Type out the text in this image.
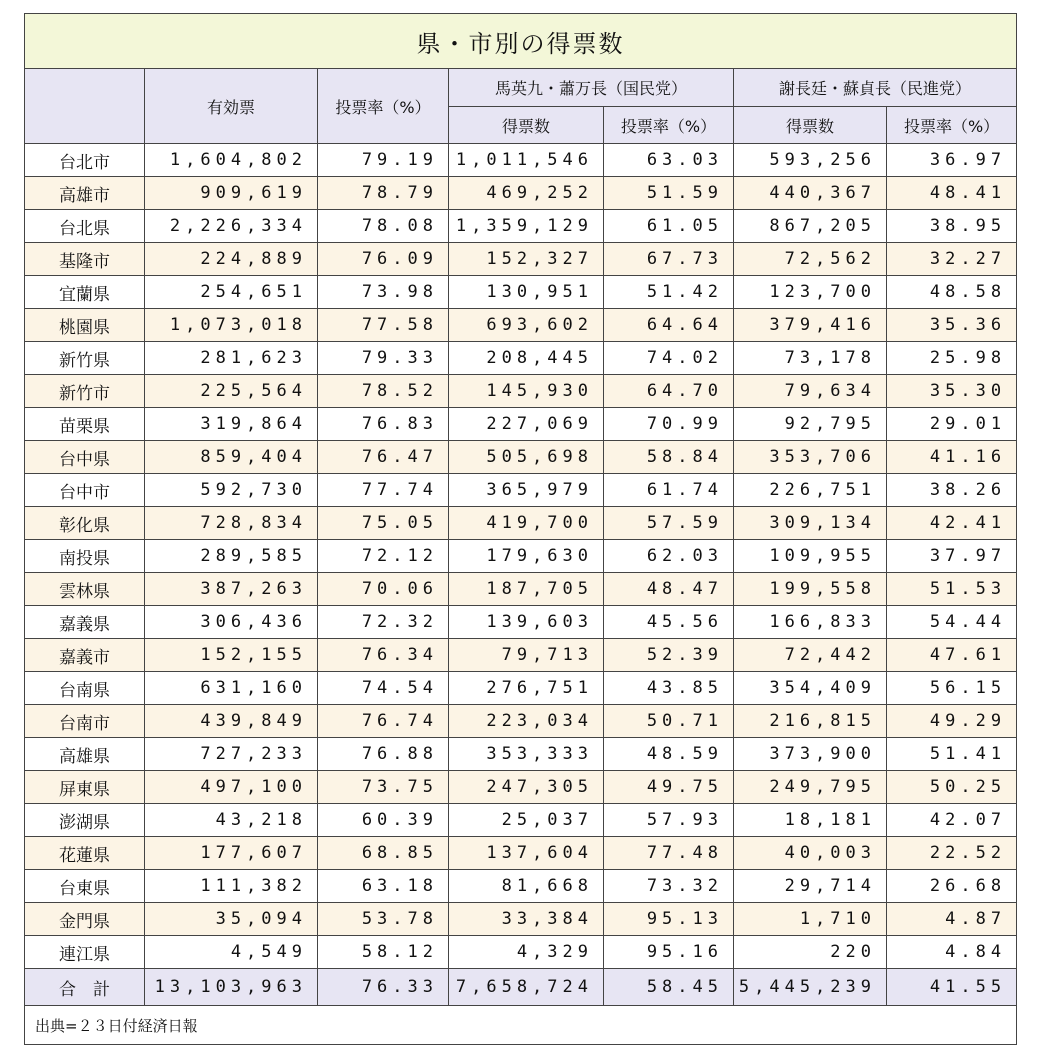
県・市別の得票数						
	有効票	投票率（%）	馬英九・蕭万長（国民党）		謝長廷・蘇貞長（民進党）	
			得票数	投票率（%）	得票数	投票率（%）
台北市	1,604,802	79.19	1,011,546	63.03	593,256	36.97
高雄市	909,619	78.79	469,252	51.59	440,367	48.41
台北県	2,226,334	78.08	1,359,129	61.05	867,205	38.95
基隆市	224,889	76.09	152,327	67.73	72,562	32.27
宜蘭県	254,651	73.98	130,951	51.42	123,700	48.58
桃園県	1,073,018	77.58	693,602	64.64	379,416	35.36
新竹県	281,623	79.33	208,445	74.02	73,178	25.98
新竹市	225,564	78.52	145,930	64.70	79,634	35.30
苗栗県	319,864	76.83	227,069	70.99	92,795	29.01
台中県	859,404	76.47	505,698	58.84	353,706	41.16
台中市	592,730	77.74	365,979	61.74	226,751	38.26
彰化県	728,834	75.05	419,700	57.59	309,134	42.41
南投県	289,585	72.12	179,630	62.03	109,955	37.97
雲林県	387,263	70.06	187,705	48.47	199,558	51.53
嘉義県	306,436	72.32	139,603	45.56	166,833	54.44
嘉義市	152,155	76.34	79,713	52.39	72,442	47.61
台南県	631,160	74.54	276,751	43.85	354,409	56.15
台南市	439,849	76.74	223,034	50.71	216,815	49.29
高雄県	727,233	76.88	353,333	48.59	373,900	51.41
屏東県	497,100	73.75	247,305	49.75	249,795	50.25
澎湖県	43,218	60.39	25,037	57.93	18,181	42.07
花蓮県	177,607	68.85	137,604	77.48	40,003	22.52
台東県	111,382	63.18	81,668	73.32	29,714	26.68
金門県	35,094	53.78	33,384	95.13	1,710	4.87
連江県	4,549	58.12	4,329	95.16	220	4.84
合　計	13,103,963	76.33	7,658,724	58.45	5,445,239	41.55
出典=２３日付経済日報						
